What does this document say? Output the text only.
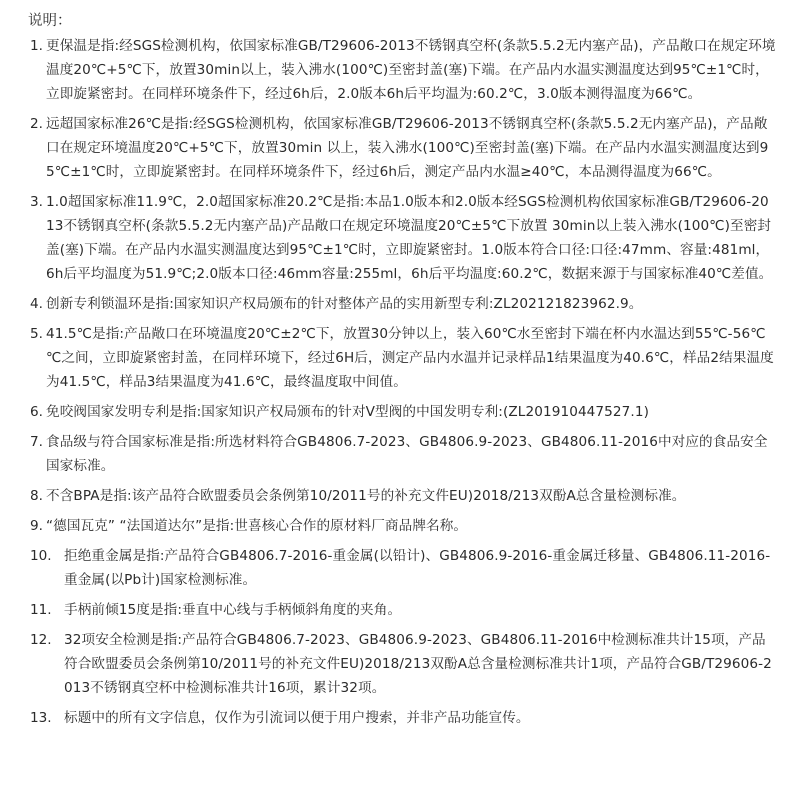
说明：
1. 更保温是指:经SGS检测机构，依国家标准GB/T29606-2013不锈钢真空杯(条款5.5.2无内塞产品)，产品敞口在规定环境温度20℃+5℃下，放置30min以上，装入沸水(100℃)至密封盖(塞)下端。在产品内水温实测温度达到95℃±1℃时，立即旋紧密封。在同样环境条件下，经过6h后，2.0版本6h后平均温为:60.2℃，3.0版本测得温度为66℃。
2. 远超国家标准26℃是指:经SGS检测机构，依国家标准GB/T29606-2013不锈钢真空杯(条款5.5.2无内塞产品)，产品敞口在规定环境温度20℃+5℃下，放置30min 以上，装入沸水(100℃)至密封盖(塞)下端。在产品内水温实测温度达到95℃±1℃时，立即旋紧密封。在同样环境条件下，经过6h后，测定产品内水温≥40℃，本品测得温度为66℃。
3. 1.0超国家标准11.9℃，2.0超国家标准20.2℃是指:本品1.0版本和2.0版本经SGS检测机构依国家标准GB/T29606-2013不锈钢真空杯(条款5.5.2无内塞产品)产品敞口在规定环境温度20℃±5℃下放置 30min以上装入沸水(100℃)至密封盖(塞)下端。在产品内水温实测温度达到95℃±1℃时，立即旋紧密封。1.0版本符合口径:口径:47mm、容量:481ml，6h后平均温度为51.9℃;2.0版本口径:46mm容量:255ml，6h后平均温度:60.2℃，数据来源于与国家标准40℃差值。
4. 创新专利锁温环是指:国家知识产权局颁布的针对整体产品的实用新型专利:ZL202121823962.9。
5. 41.5℃是指:产品敞口在环境温度20℃±2℃下，放置30分钟以上，装入60℃水至密封下端在杯内水温达到55℃-56℃℃之间，立即旋紧密封盖，在同样环境下，经过6H后，测定产品内水温并记录样品1结果温度为40.6℃，样品2结果温度为41.5℃，样品3结果温度为41.6℃，最终温度取中间值。
6. 免咬阀国家发明专利是指:国家知识产权局颁布的针对V型阀的中国发明专利:(ZL201910447527.1)
7. 食品级与符合国家标准是指:所选材料符合GB4806.7-2023、GB4806.9-2023、GB4806.11-2016中对应的食品安全国家标准。
8. 不含BPA是指:该产品符合欧盟委员会条例第10/2011号的补充文件EU)2018/213双酚A总含量检测标准。
9. “德国瓦克” “法国道达尔”是指:世喜核心合作的原材料厂商品牌名称。
10. 拒绝重金属是指:产品符合GB4806.7-2016-重金属(以铅计)、GB4806.9-2016-重金属迁移量、GB4806.11-2016-重金属(以Pb计)国家检测标准。
11. 手柄前倾15度是指:垂直中心线与手柄倾斜角度的夹角。
12. 32项安全检测是指:产品符合GB4806.7-2023、GB4806.9-2023、GB4806.11-2016中检测标准共计15项，产品符合欧盟委员会条例第10/2011号的补充文件EU)2018/213双酚A总含量检测标准共计1项，产品符合GB/T29606-2013不锈钢真空杯中检测标准共计16项，累计32项。
13. 标题中的所有文字信息，仅作为引流词以便于用户搜索，并非产品功能宣传。
